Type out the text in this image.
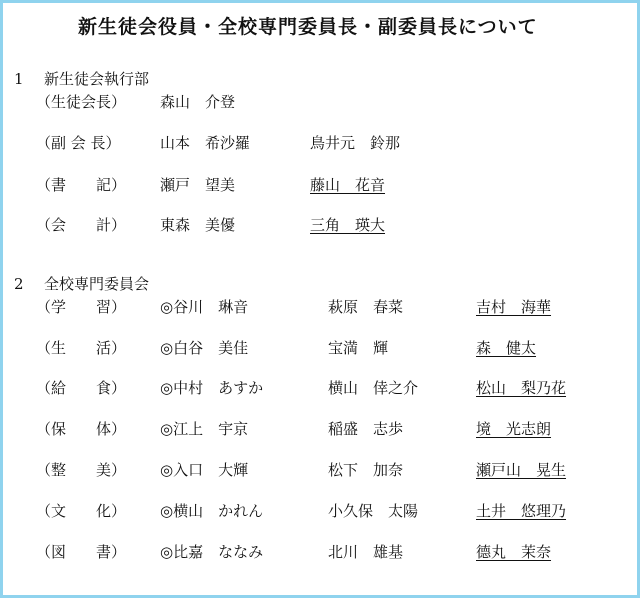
新生徒会役員・全校専門委員長・副委員長について
1 新生徒会執行部
（生徒会長） 森山　介登
（副 会 長）	山本　希沙羅	鳥井元　鈴那
（書　　記） 瀬戸　望美	藤山　花音
（会　　計） 東森　美優	三角　瑛大
2 全校専門委員会
（学　　習） ◎谷川　琳音	萩原　春菜	吉村　海華
（生　　活） ◎白谷　美佳	宝満　輝	森　健太
（給　　食） ◎中村　あすか	横山　倖之介	松山　梨乃花
（保　　体） ◎江上　宇京	稲盛　志歩	境　光志朗
（整　　美） ◎入口　大輝	松下　加奈	瀬戸山　晃生
（文　　化） ◎横山　かれん	小久保　太陽	土井　悠理乃
（図　　書） ◎比嘉　ななみ	北川　雄基	德丸　茉奈
